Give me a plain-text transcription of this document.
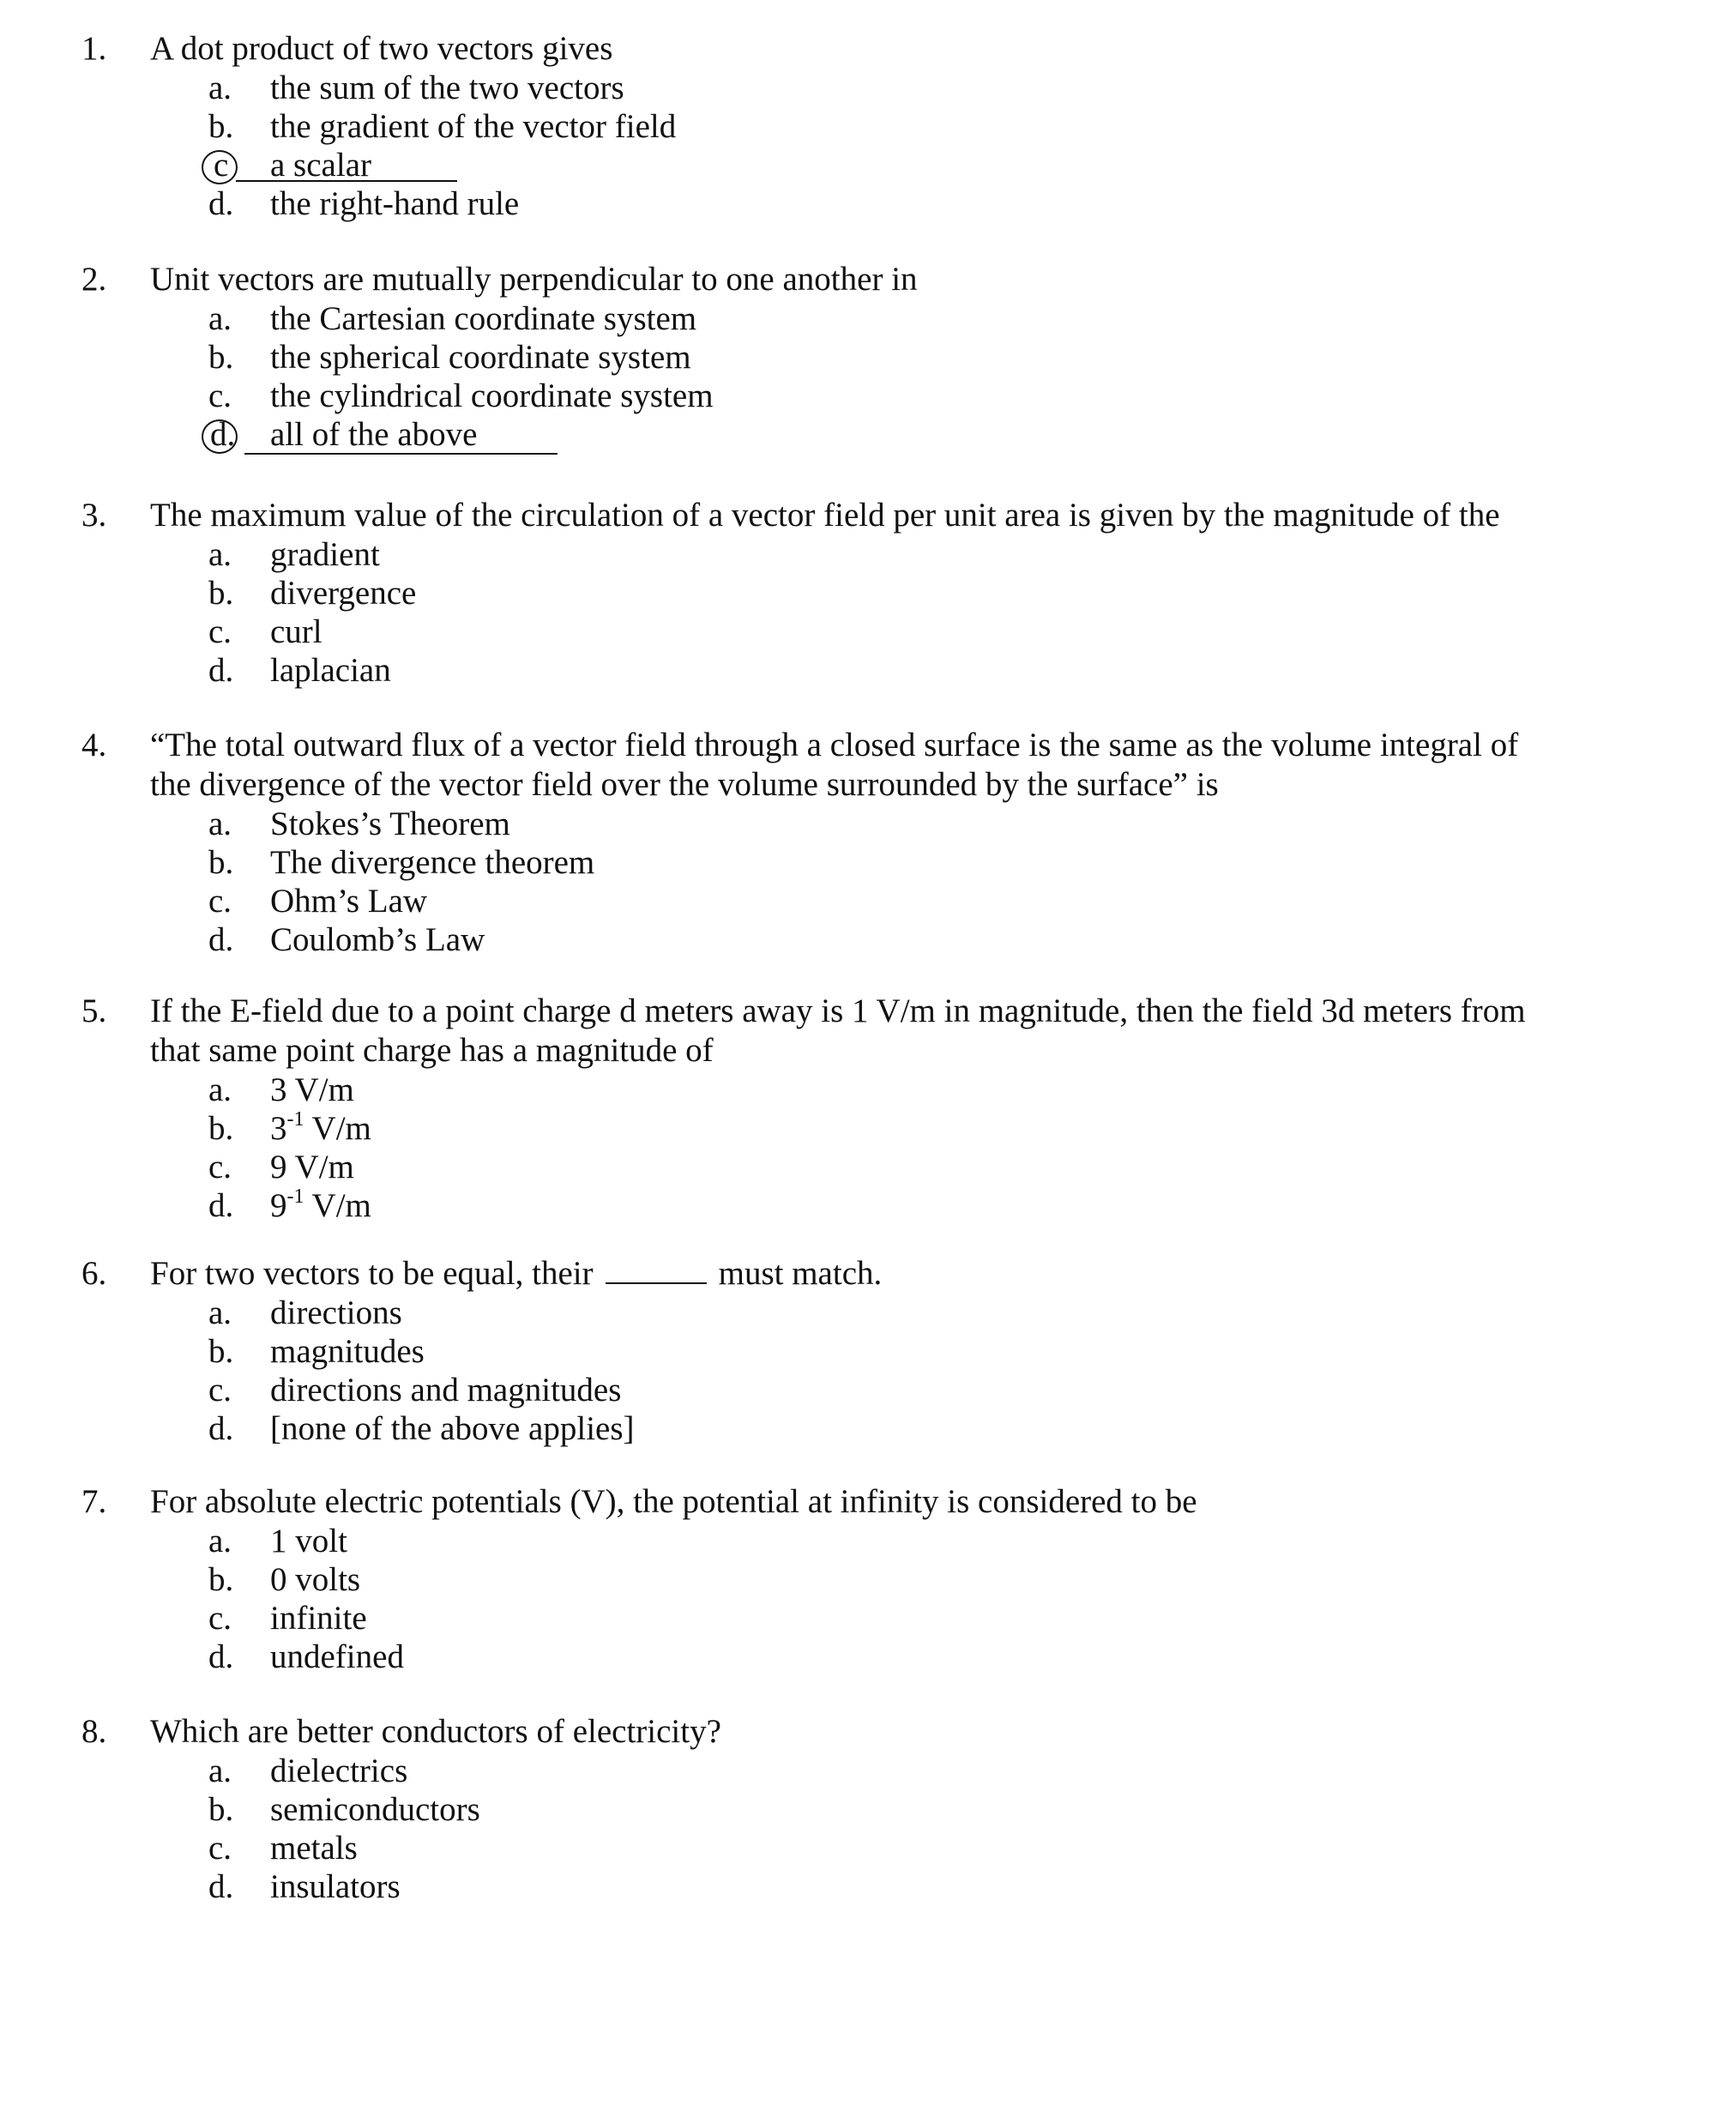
1. A dot product of two vectors gives
a.	the sum of the two vectors
b.	the gradient of the vector field
c	a scalar
d.	the right-hand rule
2. Unit vectors are mutually perpendicular to one another in
a.	the Cartesian coordinate system
b.	the spherical coordinate system
c.	the cylindrical coordinate system
d.	all of the above
3. The maximum value of the circulation of a vector field per unit area is given by the magnitude of the
a.	gradient
b.	divergence
c.	curl
d.	laplacian
4. “The total outward flux of a vector field through a closed surface is the same as the volume integral of
the divergence of the vector field over the volume surrounded by the surface” is
a.	Stokes’s Theorem
b.	The divergence theorem
c.	Ohm’s Law
d.	Coulomb’s Law
5. If the E-field due to a point charge d meters away is 1 V/m in magnitude, then the field 3d meters from
that same point charge has a magnitude of
a.	3 V/m
b.	$3^{-1}$ V/m
c.	9 V/m
d.	$9^{-1}$ V/m
6. For two vectors to be equal, their	must match.
a.	directions
b.	magnitudes
c.	directions and magnitudes
d.	[none of the above applies]
7. For absolute electric potentials (V), the potential at infinity is considered to be
a.	1 volt
b.	0 volts
c.	infinite
d.	undefined
8. Which are better conductors of electricity?
a.	dielectrics
b.	semiconductors
c.	metals
d.	insulators
